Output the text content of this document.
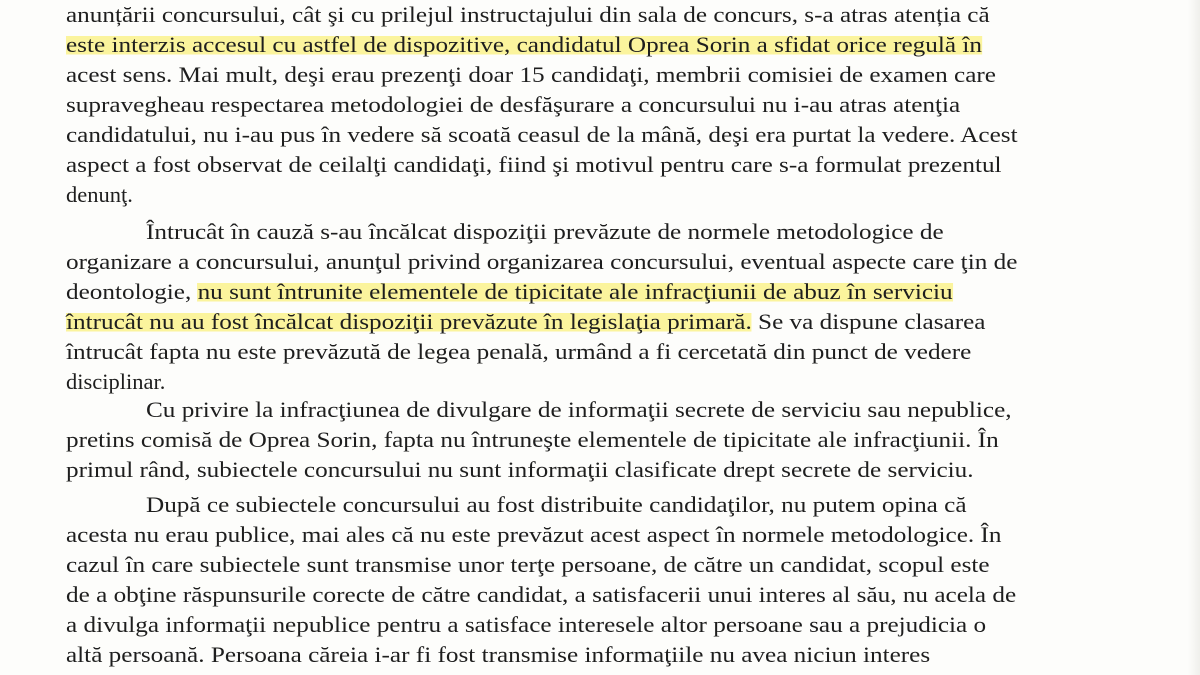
anunțării concursului, cât şi cu prilejul instructajului din sala de concurs, s-a atras atenția că
este interzis accesul cu astfel de dispozitive, candidatul Oprea Sorin a sfidat orice regulă în
acest sens. Mai mult, deşi erau prezenţi doar 15 candidaţi, membrii comisiei de examen care
supravegheau respectarea metodologiei de desfăşurare a concursului nu i-au atras atenţia
candidatului, nu i-au pus în vedere să scoată ceasul de la mână, deşi era purtat la vedere. Acest
aspect a fost observat de ceilalţi candidaţi, fiind şi motivul pentru care s-a formulat prezentul
denunţ.
Întrucât în cauză s-au încălcat dispoziţii prevăzute de normele metodologice de
organizare a concursului, anunţul privind organizarea concursului, eventual aspecte care ţin de
deontologie, nu sunt întrunite elementele de tipicitate ale infracţiunii de abuz în serviciu
întrucât nu au fost încălcat dispoziţii prevăzute în legislaţia primară. Se va dispune clasarea
întrucât fapta nu este prevăzută de legea penală, urmând a fi cercetată din punct de vedere
disciplinar.
Cu privire la infracţiunea de divulgare de informaţii secrete de serviciu sau nepublice,
pretins comisă de Oprea Sorin, fapta nu întruneşte elementele de tipicitate ale infracţiunii. În
primul rând, subiectele concursului nu sunt informaţii clasificate drept secrete de serviciu.
După ce subiectele concursului au fost distribuite candidaţilor, nu putem opina că
acesta nu erau publice, mai ales că nu este prevăzut acest aspect în normele metodologice. În
cazul în care subiectele sunt transmise unor terţe persoane, de către un candidat, scopul este
de a obţine răspunsurile corecte de către candidat, a satisfacerii unui interes al său, nu acela de
a divulga informaţii nepublice pentru a satisface interesele altor persoane sau a prejudicia o
altă persoană. Persoana căreia i-ar fi fost transmise informaţiile nu avea niciun interes
